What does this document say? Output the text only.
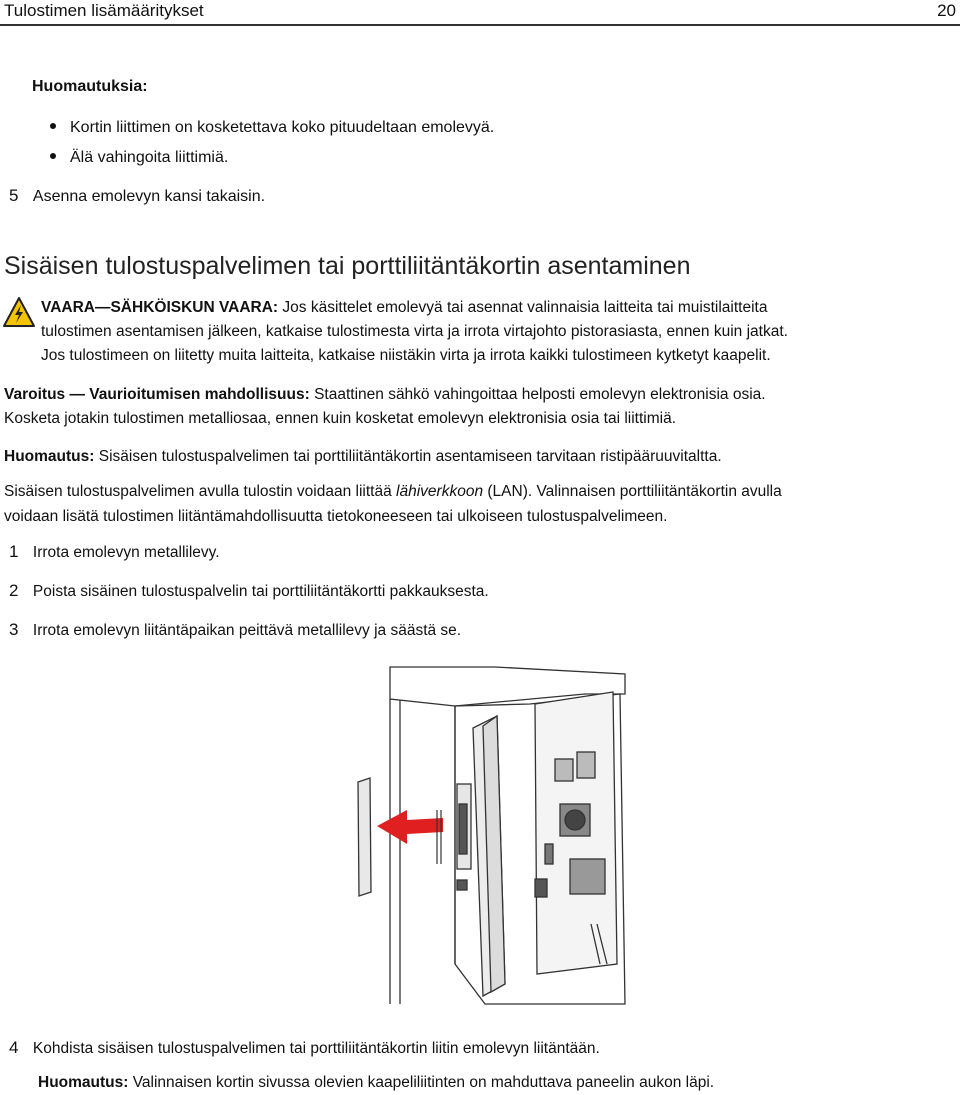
Tulostimen lisämääritykset	20
Huomautuksia:
Kortin liittimen on kosketettava koko pituudeltaan emolevyä.
Älä vahingoita liittimiä.
5 Asenna emolevyn kansi takaisin.
Sisäisen tulostuspalvelimen tai porttiliitäntäkortin asentaminen
VAARA—SÄHKÖISKUN VAARA: Jos käsittelet emolevyä tai asennat valinnaisia laitteita tai muistilaitteita
tulostimen asentamisen jälkeen, katkaise tulostimesta virta ja irrota virtajohto pistorasiasta, ennen kuin jatkat.
Jos tulostimeen on liitetty muita laitteita, katkaise niistäkin virta ja irrota kaikki tulostimeen kytketyt kaapelit.
Varoitus — Vaurioitumisen mahdollisuus: Staattinen sähkö vahingoittaa helposti emolevyn elektronisia osia.
Kosketa jotakin tulostimen metalliosaa, ennen kuin kosketat emolevyn elektronisia osia tai liittimiä.
Huomautus: Sisäisen tulostuspalvelimen tai porttiliitäntäkortin asentamiseen tarvitaan ristipääruuvitaltta.
Sisäisen tulostuspalvelimen avulla tulostin voidaan liittää lähiverkkoon (LAN). Valinnaisen porttiliitäntäkortin avulla
voidaan lisätä tulostimen liitäntämahdollisuutta tietokoneeseen tai ulkoiseen tulostuspalvelimeen.
1 Irrota emolevyn metallilevy.
2 Poista sisäinen tulostuspalvelin tai porttiliitäntäkortti pakkauksesta.
3 Irrota emolevyn liitäntäpaikan peittävä metallilevy ja säästä se.
4 Kohdista sisäisen tulostuspalvelimen tai porttiliitäntäkortin liitin emolevyn liitäntään.
Huomautus: Valinnaisen kortin sivussa olevien kaapeliliitinten on mahduttava paneelin aukon läpi.
